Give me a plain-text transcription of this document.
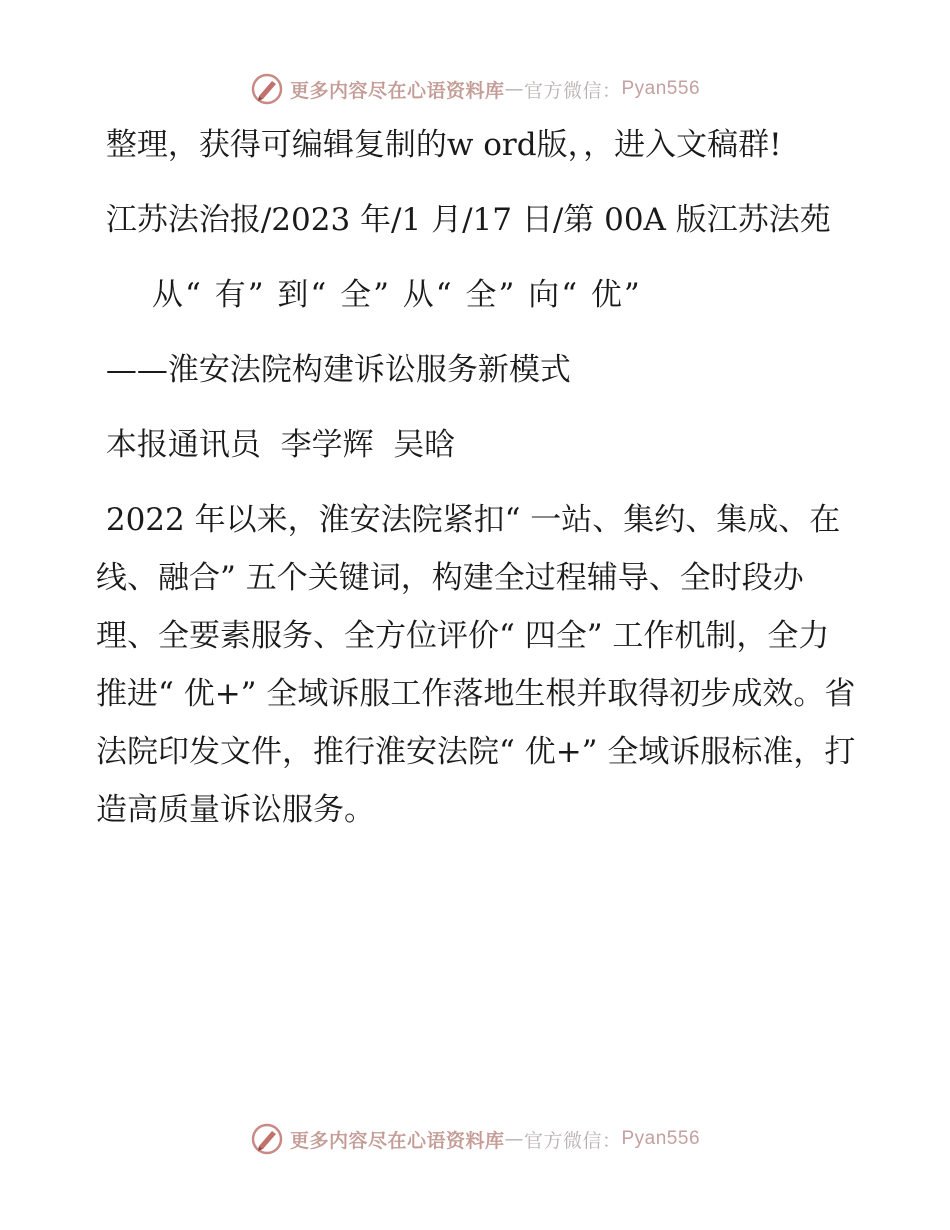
更多内容尽在心语资料库 — 官方微信： Pyan556

整理，获得可编辑复制的w ord版，，进入文稿群!

江苏法治报/2023 年/1 月/17 日/第 00A 版江苏法苑

从“ 有” 到“ 全” 从“ 全” 向“ 优”

——淮安法院构建诉讼服务新模式

本报通讯员  李学辉  吴晗

2022 年以来，淮安法院紧扣“ 一站、集约、集成、在线、融合” 五个关键词，构建全过程辅导、全时段办理、全要素服务、全方位评价“ 四全” 工作机制，全力推进“ 优+” 全域诉服工作落地生根并取得初步成效。省法院印发文件，推行淮安法院“ 优+” 全域诉服标准，打造高质量诉讼服务。

更多内容尽在心语资料库 — 官方微信： Pyan556
